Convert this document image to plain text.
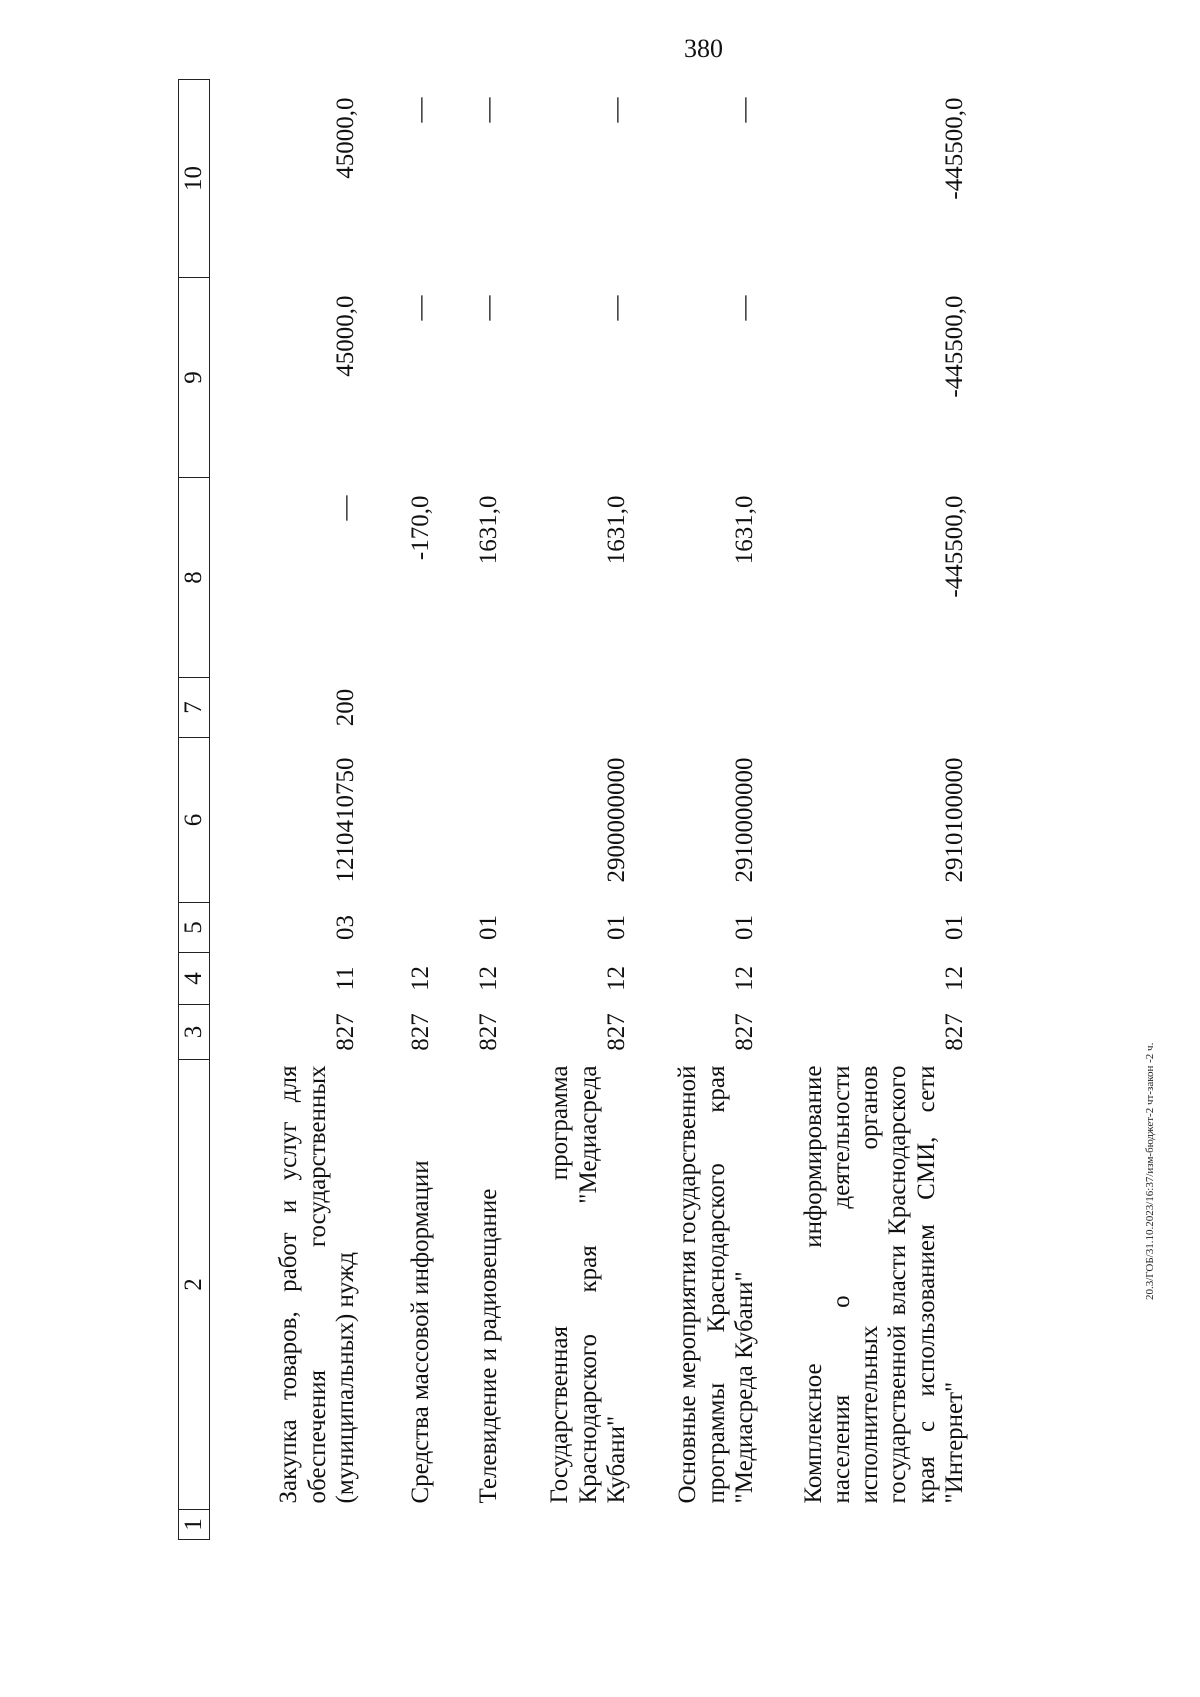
380
1	2	3	4	5	6	7	8	9	10
	Закупка товаров, работ и услуг для обеспечения государственных (муниципальных) нужд	827	11	03	1210410750	200	—	45000,0	45000,0
	Средства массовой информации	827	12				-170,0	—	—
	Телевидение и радиовещание	827	12	01			1631,0	—	—
	Государственная программа Краснодарского края "Медиасреда Кубани"	827	12	01	2900000000		1631,0	—	—
	Основные мероприятия государственной программы Краснодарского края "Медиасреда Кубани"	827	12	01	2910000000		1631,0	—	—
	Комплексное информирование населения о деятельности исполнительных органов государственной власти Краснодарского края с использованием СМИ, сети "Интернет"	827	12	01	2910100000		-445500,0	-445500,0	-445500,0
20.3/ГОБ/31.10.2023/16:37/изм-бюджет-2 чт-закон -2 ч.
